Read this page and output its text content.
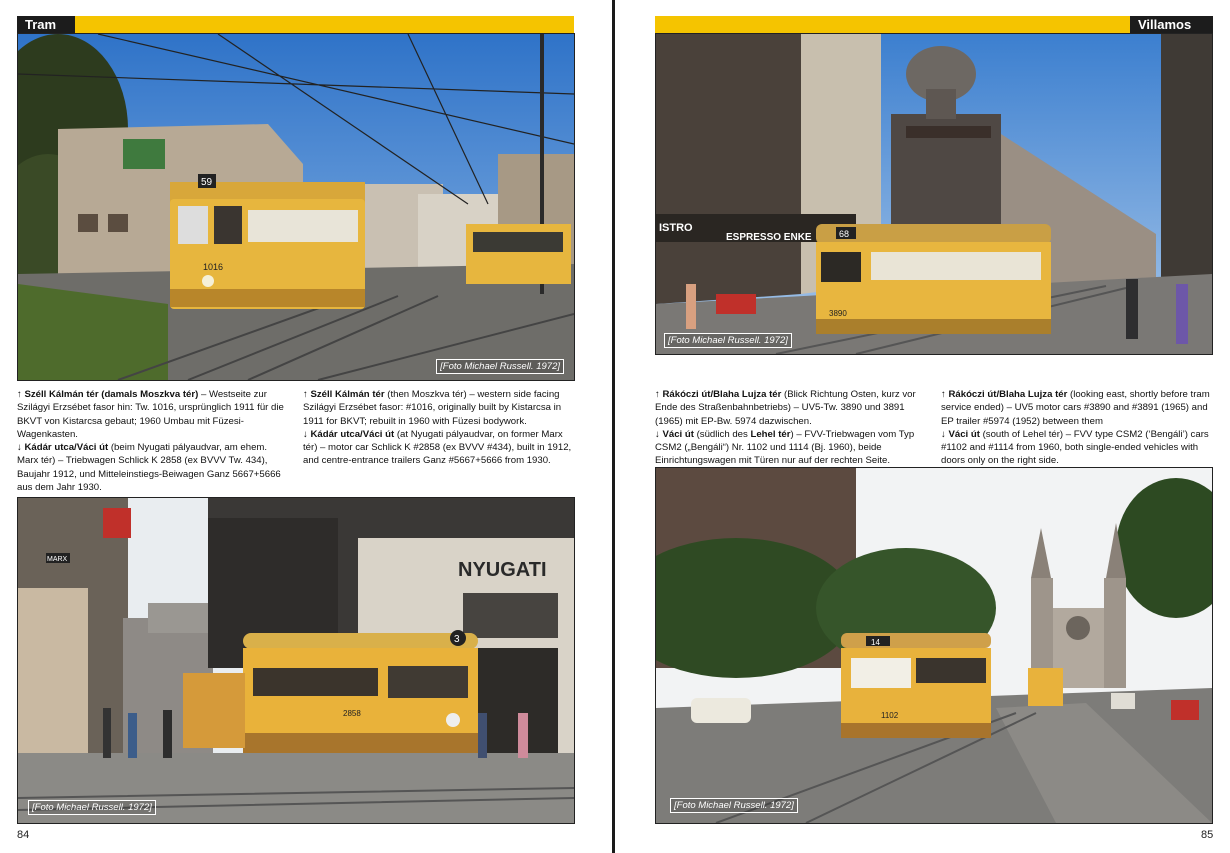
Tram
59
1016
[Foto Michael Russell. 1972]

↑ Széll Kálmán tér (damals Moszkva tér) – Westseite zur Szilágyi Erzsébet fasor hin: Tw. 1016, ursprünglich 1911 für die BKVT von Kistarcsa gebaut; 1960 Umbau mit Füzesi-Wagenkasten.

↓ Kádár utca/Váci út (beim Nyugati pályaudvar, am ehem. Marx tér) – Triebwagen Schlick K 2858 (ex BVVV Tw. 434), Baujahr 1912, und Mitteleinstiegs-Beiwagen Ganz 5667+5666 aus dem Jahr 1930.

↑ Széll Kálmán tér (then Moszkva tér) – western side facing Szilágyi Erzsébet fasor: #1016, originally built by Kistarcsa in 1911 for BKVT; rebuilt in 1960 with Füzesi bodywork.

↓ Kádár utca/Váci út (at Nyugati pályaudvar, on former Marx tér) – motor car Schlick K #2858 (ex BVVV #434), built in 1912, and centre-entrance trailers Ganz #5667+5666 from 1930.

MARX	NYUGATI
3
2858
[Foto Michael Russell. 1972]
84
Villamos
ISTRO
ESPRESSO ENKE	68
3890
[Foto Michael Russell. 1972]

↑ Rákóczi út/Blaha Lujza tér (Blick Richtung Osten, kurz vor Ende des Straßenbahnbetriebs) – UV5-Tw. 3890 und 3891 (1965) mit EP-Bw. 5974 dazwischen.

↓ Váci út (südlich des Lehel tér) – FVV-Triebwagen vom Typ CSM2 („Bengáli“) Nr. 1102 und 1114 (Bj. 1960), beide Einrichtungswagen mit Türen nur auf der rechten Seite.

↑ Rákóczi út/Blaha Lujza tér (looking east, shortly before tram service ended) – UV5 motor cars #3890 and #3891 (1965) and EP trailer #5974 (1952) between them

↓ Váci út (south of Lehel tér) – FVV type CSM2 (‘Bengáli’) cars #1102 and #1114 from 1960, both single-ended vehicles with doors only on the right side.

14
1102
[Foto Michael Russell. 1972]
85
